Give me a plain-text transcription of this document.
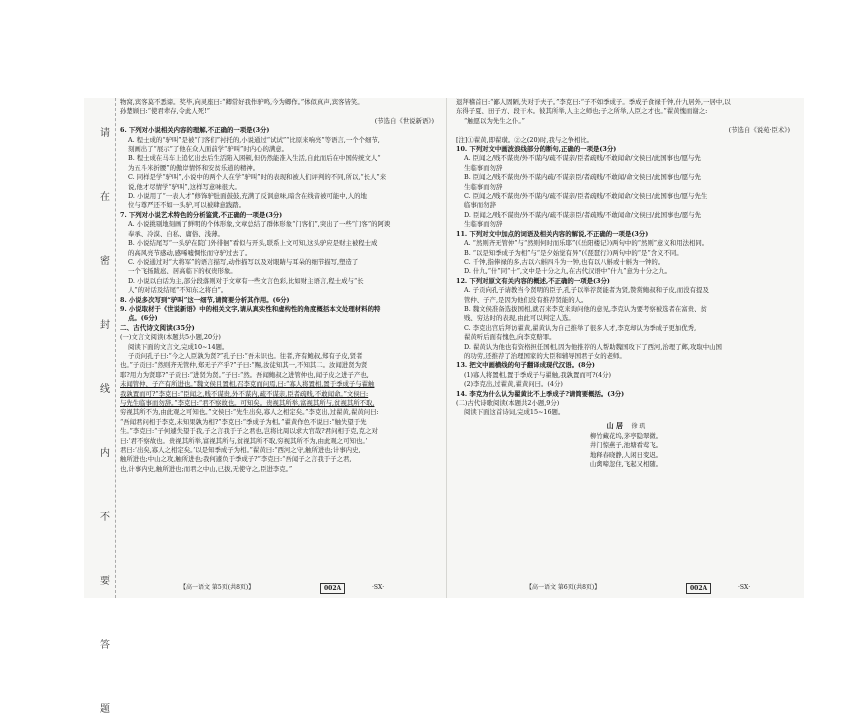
请
在
密
封
线
内
不
要
答
题

物窝,宾客莫不悉谛。奖毕,向灵座曰:“卿常好我作驴鸣,今为卿作。”体似真声,宾客皆笑。

孙楚顾曰:“使君辈存,令此人死!”

(节选自《世说新语》)

6. 下列对小说相关内容的理解,不正确的一项是(3分)

A. 程士成的“驴叫”是被“门客们”衬托的,小说通过“试试”“比原来响亮”等语言,一个个细节,

刻画出了“展示”了他在众人面前学“驴叫”时内心的满意。

B. 程士成在马车上追忆出去后生活陷入困顿,但仍然能准入生活,自此而后在中国传统文人“

为五斗米折腰”的傲岸情怀和安贫乐道的精神。

C. 同样是学“驴叫”,小说中的两个人在学“驴叫”时的表现和被人们评判的不同,所以,“长人”来

说,他才尽情学“驴叫”,这样写意味很大。

D. 小说用了“一表人才”修饰驴肚面鼓鼓,充满了反讽意味,暗含在线音被可能中,人的地

位与尊严还不如一头驴,可以被肆意践踏。

7. 下列对小说艺术特色的分析鉴赏,不正确的一项是(3分)

A. 小说挑剔地刻画了鲜明的个体形象,文章总结了群体形象“门客们”,突出了一些“门客”的阿谀

奉承、冷漠、自私、庸俗、浅薄。

B. 小说结尾写“一头驴在院门外徘徊”看似与开头,联系上文可知,这头驴应是财主被程士成

的高风亮节感动,感唏嘘惆怅而守驴过去了。

C. 小说通过对“大将军”的语言描写,动作描写以及对眼睛与耳朵的细节描写,塑造了

一个飞扬跋扈、居高临下的权贵形象。

D. 小说以白话为主,部分段落则对于文章有一些文言色彩,比如财主语言,程士成与“长

人”的对话及结尾“不知东之将白”。

8. 小说多次写到“驴叫”这一细节,请简要分析其作用。(6分)

9. 小说取材于《世说新语》中的相关文字,请从真实性和虚构性的角度概括本文处理材料的特

点。(6分)

二、古代诗文阅读(35分)

(一)文言文阅读(本题共5小题,20分)

阅读下面的文言文,完成10~14题。

子贡问孔子曰:“今之人臣孰为贤?”孔子曰:“吾未识也。往者,齐有鲍叔,郑有子皮,贤者

也。”子贡曰:“然则齐无管仲,郑无子产乎?”子曰:“赐,汝徒知其一,不知其二。汝闻进贤为贤

耶?用力为贤耶?”子贡曰:“进贤为贤。”子曰:“然。吾闻鲍叔之进管仲也,闻子皮之进子产也,

未闻管仲、子产有所进也。”魏文侯且置相,召李克而问焉,曰:“寡人将置相,置于季成子与翟触

我孰置而可?”李克曰:“臣闻之,贱不谋贵,外不谋内,疏不谋亲,臣者疏贱,不敢闻命。”文侯曰:

与先生临事而勿辞。”李克曰:“君不察故也。可知矣。贵视其所举,富视其所与,贫视其所不取,

穷视其所不为,由此观之可知也。”文侯曰:“先生出矣,寡人之相定矣。”李克出,过翟黄,翟黄问曰:

“吾闻君问相于李克,未知果孰为相?”李克曰:“季成子为相。”翟黄作色不说曰:“触失望于先

生。”李克曰:“子何遽失望于我,子之言我于子之君也,岂将比周以求大官哉?君问相于克,克之对

曰:‘君不察故也。贵视其所举,富视其所与,贫视其所不取,穷视其所不为,由此观之可知也。’

君曰:‘出矣,寡人之相定矣。’以是知季成子为相。”翟黄曰:“西河之守,触所进也;计事内史,

触所进也;中山之攻,触所进也;我何遽负于季成子?”李克曰:“吾闻子之言我于子之君,

也,计事内史,触所进也;而君之中山,已拔,无使守之,臣进李克。”

【高一语文 第5页(共8页)】	002A	·SX·

退拜稽首曰:“鄙人固陋,失对于夫子。”李克曰:“子不如季成子。季成子食禄千钟,什九居外,一居中,以

东得子夏、田子方、段干木。彼其所举,人主之师也;子之所举,人臣之才也。”翟黄愧而谢之:

“触愿以为先生之仆。”

(节选自《说苑·臣术》)

[注]①翟黄,即翟璜。②之(20)时,我与之争相比。

10. 下列对文中画波浪线部分的断句,正确的一项是(3分)

A. 臣闻之/贱不谋贵/外不谋内/疏不谋亲/臣者疏贱/不敢闻命/文侯曰/此国事也/愿与先

生临事而勿辞

B. 臣闻之/贱不谋贵/外不谋内疏/不谋亲臣/者疏贱/不敢闻/命文侯曰/此国事也/愿与先

生临事而勿辞

C. 臣闻之/贱不谋贵/外不谋内/疏不谋亲/臣者疏贱/不敢闻命/文侯曰/此国事也/愿与先生

临事而勿辞

D. 臣闻之/贱不谋贵/外不谋内/疏不谋亲臣/者疏贱/不敢闻命/文侯曰/此国事也/愿与先

生临事而勿辞

11. 下列对文中加点的词语及相关内容的解说,不正确的一项是(3分)

A. “然则齐无管仲”与“然则何时而乐耶”(《岳阳楼记》)两句中的“然则”意义和用法相同。

B. “以是知季成子为相”与“是夕始觉有异”(《琵琶行》)两句中的“是”含义不同。

C. 千钟,指俸禄的多,古以六斛四斗为一钟,也有以八斛或十斛为一钟的。

D. 什九,“什”同“十”,文中是十分之九,在古代汉语中“什九”意为十分之九。

12. 下列对原文有关内容的概述,不正确的一项是(3分)

A. 子贡向孔子请教当今贤明的臣子,孔子以举荐贤能者为贤,赞赏鲍叔和子皮,而没有提及

管仲、子产,是因为他们没有推荐贤能的人。

B. 魏文侯准备选拔国相,就召来李克来询问他的意见,李克认为要考察被选者在富贵、贫

贱、穷达时的表现,由此可以判定人选。

C. 李克出宫后拜访翟黄,翟黄认为自己推举了很多人才,李克却认为季成子更加优秀,

翟黄听后面有愧色,向李克赔罪。

D. 翟黄认为他也有资格担任国相,因为他推荐的人帮助魏国攻下了西河,治理了邺,攻取中山国

的功劳,还推荐了治理国家的大臣和辅导国君子女的老师。

13. 把文中画横线的句子翻译成现代汉语。(8分)

(1)寡人将置相,置于季成子与翟触,我孰置而可?(4分)

(2)李克出,过翟黄,翟黄问曰。(4分)

14. 李克为什么认为翟黄比不上季成子?请简要概括。(3分)

(二)古代诗歌阅读(本题共2小题,9分)

阅读下面这首诗词,完成15~16题。

山 居 徐 玑

柳竹藏花坞,茅亭隐翠微。

井门惊燕子,池塘看莺飞。

地释春晓静,人闲日变迟。

山禽啼忽住,飞起又相随。

【高一语文 第6页(共8页)】	002A	·SX·
